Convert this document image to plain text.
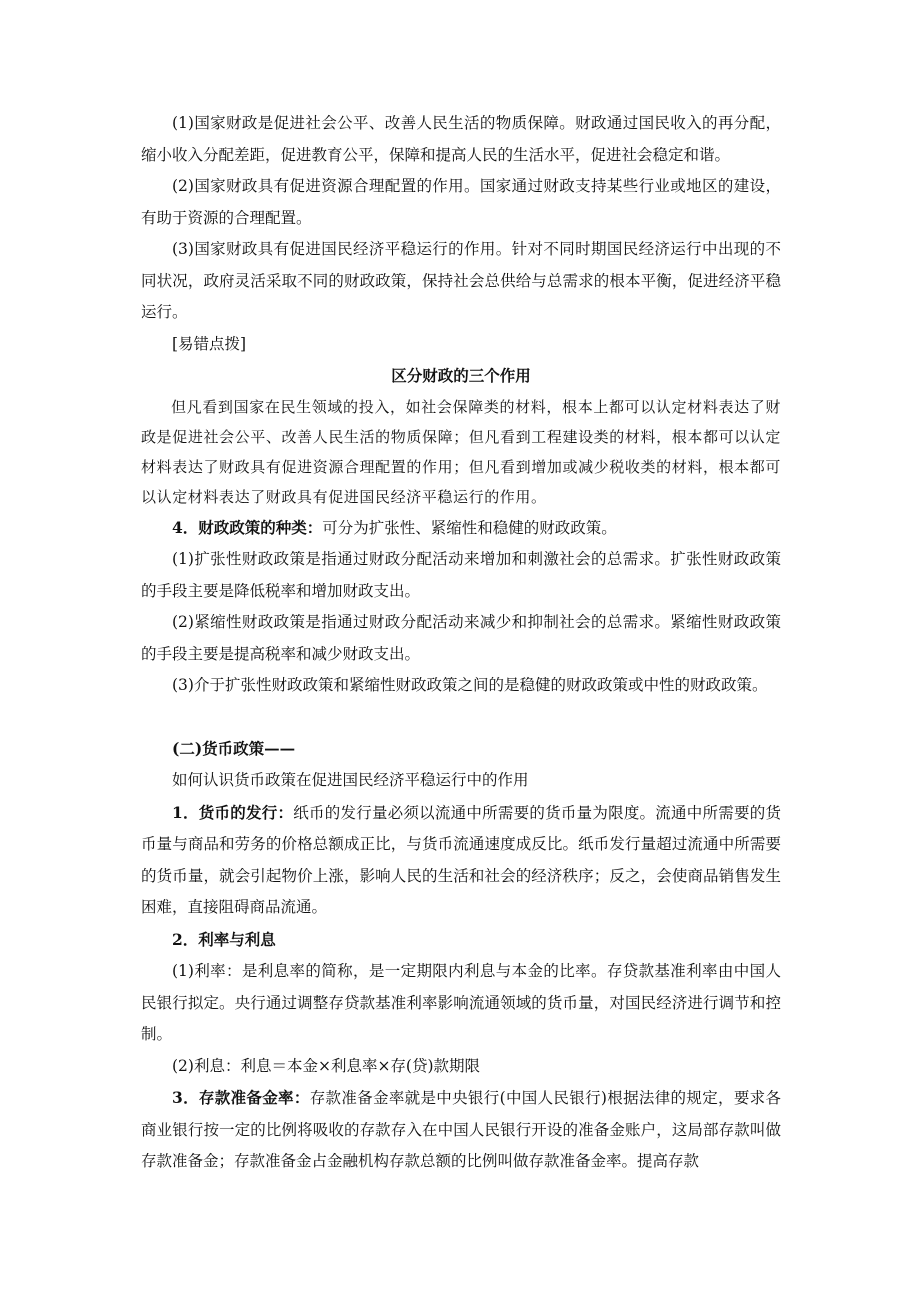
(1)国家财政是促进社会公平、改善人民生活的物质保障。财政通过国民收入的再分配，缩小收入分配差距，促进教育公平，保障和提高人民的生活水平，促进社会稳定和谐。

(2)国家财政具有促进资源合理配置的作用。国家通过财政支持某些行业或地区的建设，有助于资源的合理配置。

(3)国家财政具有促进国民经济平稳运行的作用。针对不同时期国民经济运行中出现的不同状况，政府灵活采取不同的财政政策，保持社会总供给与总需求的根本平衡，促进经济平稳运行。

[易错点拨]

区分财政的三个作用

但凡看到国家在民生领域的投入，如社会保障类的材料，根本上都可以认定材料表达了财政是促进社会公平、改善人民生活的物质保障；但凡看到工程建设类的材料，根本都可以认定材料表达了财政具有促进资源合理配置的作用；但凡看到增加或减少税收类的材料，根本都可以认定材料表达了财政具有促进国民经济平稳运行的作用。

4．财政政策的种类：可分为扩张性、紧缩性和稳健的财政政策。

(1)扩张性财政政策是指通过财政分配活动来增加和刺激社会的总需求。扩张性财政政策的手段主要是降低税率和增加财政支出。

(2)紧缩性财政政策是指通过财政分配活动来减少和抑制社会的总需求。紧缩性财政政策的手段主要是提高税率和减少财政支出。

(3)介于扩张性财政政策和紧缩性财政政策之间的是稳健的财政政策或中性的财政政策。

(二)货币政策——

如何认识货币政策在促进国民经济平稳运行中的作用

1．货币的发行：纸币的发行量必须以流通中所需要的货币量为限度。流通中所需要的货币量与商品和劳务的价格总额成正比，与货币流通速度成反比。纸币发行量超过流通中所需要的货币量，就会引起物价上涨，影响人民的生活和社会的经济秩序；反之，会使商品销售发生困难，直接阻碍商品流通。

2．利率与利息

(1)利率：是利息率的简称，是一定期限内利息与本金的比率。存贷款基准利率由中国人民银行拟定。央行通过调整存贷款基准利率影响流通领域的货币量，对国民经济进行调节和控制。

(2)利息：利息＝本金×利息率×存(贷)款期限

3．存款准备金率：存款准备金率就是中央银行(中国人民银行)根据法律的规定，要求各商业银行按一定的比例将吸收的存款存入在中国人民银行开设的准备金账户，这局部存款叫做存款准备金；存款准备金占金融机构存款总额的比例叫做存款准备金率。提高存款
